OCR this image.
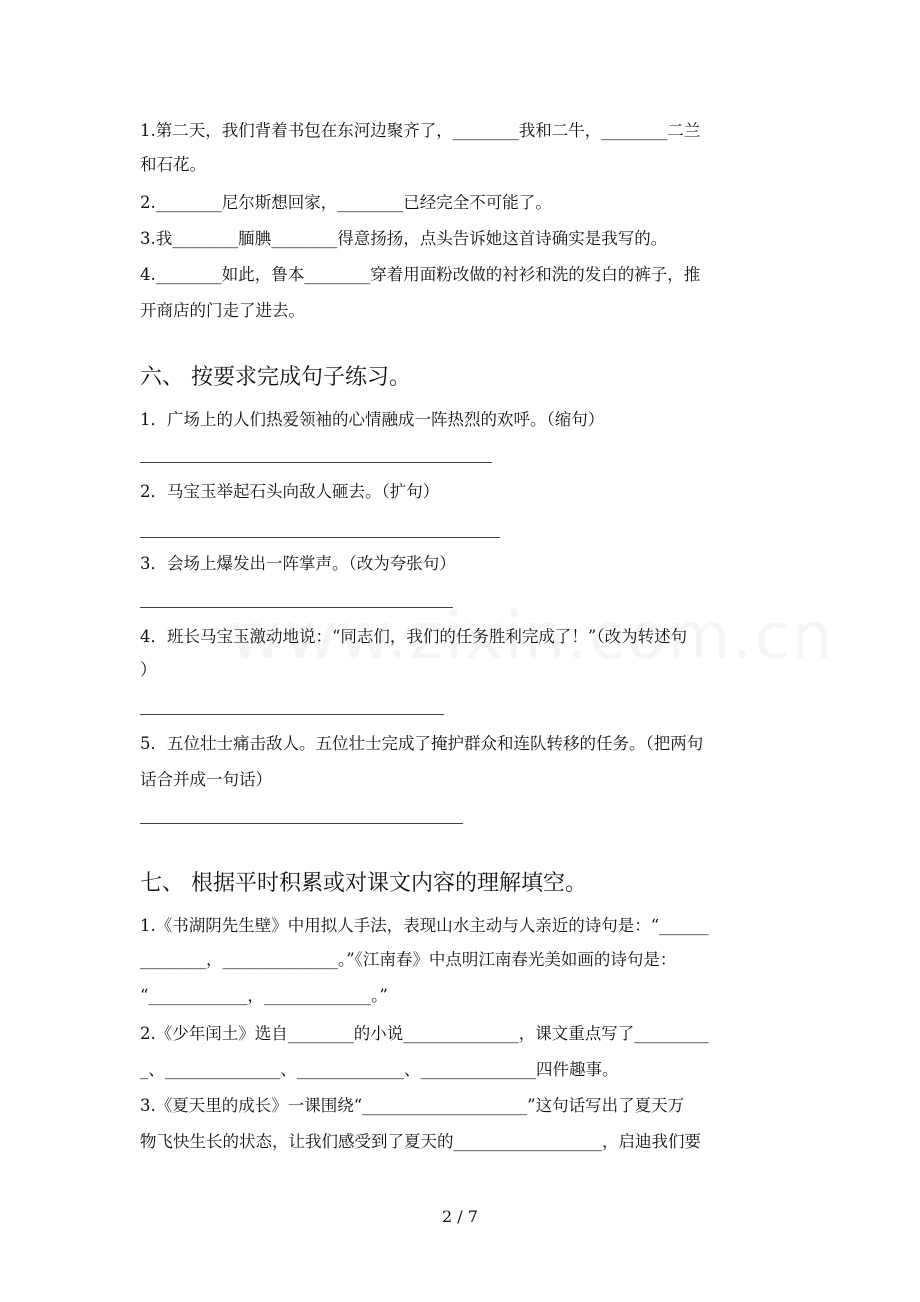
1.第二天，我们背着书包在东河边聚齐了，________我和二牛，________二兰
和石花。
2.________尼尔斯想回家，________已经完全不可能了。
3.我________腼腆________得意扬扬，点头告诉她这首诗确实是我写的。
4.________如此，鲁本________穿着用面粉改做的衬衫和洗的发白的裤子，推
开商店的门走了进去。
六、 按要求完成句子练习。
1．广场上的人们热爱领袖的心情融成一阵热烈的欢呼。（缩句）
2．马宝玉举起石头向敌人砸去。（扩句）
3．会场上爆发出一阵掌声。（改为夸张句）
4．班长马宝玉激动地说：“同志们，我们的任务胜利完成了！”（改为转述句
）
5．五位壮士痛击敌人。五位壮士完成了掩护群众和连队转移的任务。（把两句
话合并成一句话）
七、 根据平时积累或对课文内容的理解填空。
1.《书湖阴先生壁》中用拟人手法，表现山水主动与人亲近的诗句是：“______
________，______________。”《江南春》中点明江南春光美如画的诗句是：
“____________，_____________。”
2.《少年闰土》选自________的小说______________，课文重点写了_________
_、______________、_____________、______________四件趣事。
3.《夏天里的成长》一课围绕“____________________”这句话写出了夏天万
物飞快生长的状态，让我们感受到了夏天的__________________，启迪我们要
2 / 7
